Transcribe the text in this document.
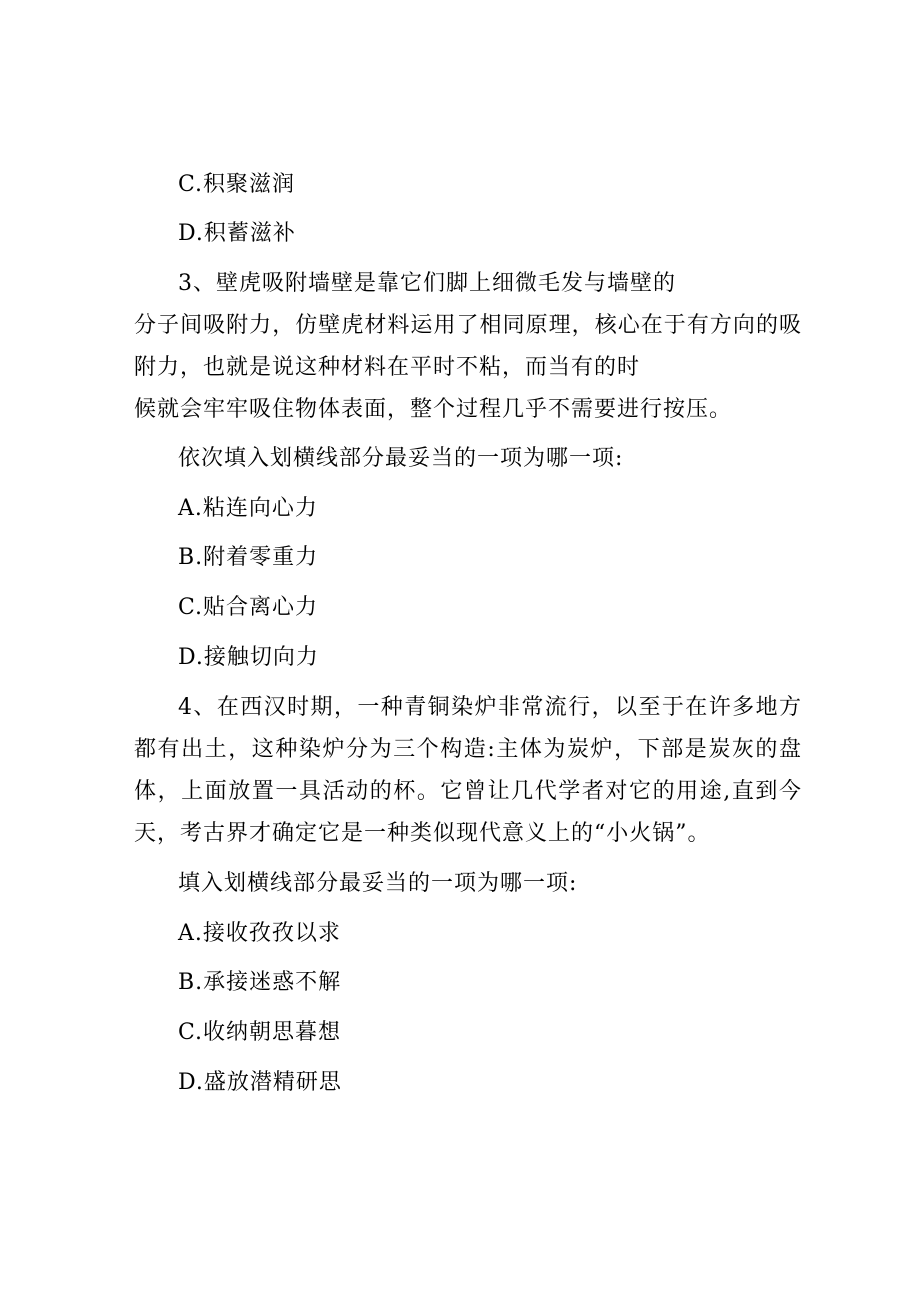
C.积聚滋润
D.积蓄滋补
3、壁虎吸附墙壁是靠它们脚上细微毛发与墙壁的
分子间吸附力，仿壁虎材料运用了相同原理，核心在于有方向的吸
附力，也就是说这种材料在平时不粘，而当有的时
候就会牢牢吸住物体表面，整个过程几乎不需要进行按压。
依次填入划横线部分最妥当的一项为哪一项:
A.粘连向心力
B.附着零重力
C.贴合离心力
D.接触切向力
4、在西汉时期，一种青铜染炉非常流行，以至于在许多地方
都有出土，这种染炉分为三个构造:主体为炭炉，下部是炭灰的盘
体，上面放置一具活动的杯。它曾让几代学者对它的用途,直到今
天，考古界才确定它是一种类似现代意义上的“小火锅”。
填入划横线部分最妥当的一项为哪一项:
A.接收孜孜以求
B.承接迷惑不解
C.收纳朝思暮想
D.盛放潜精研思
